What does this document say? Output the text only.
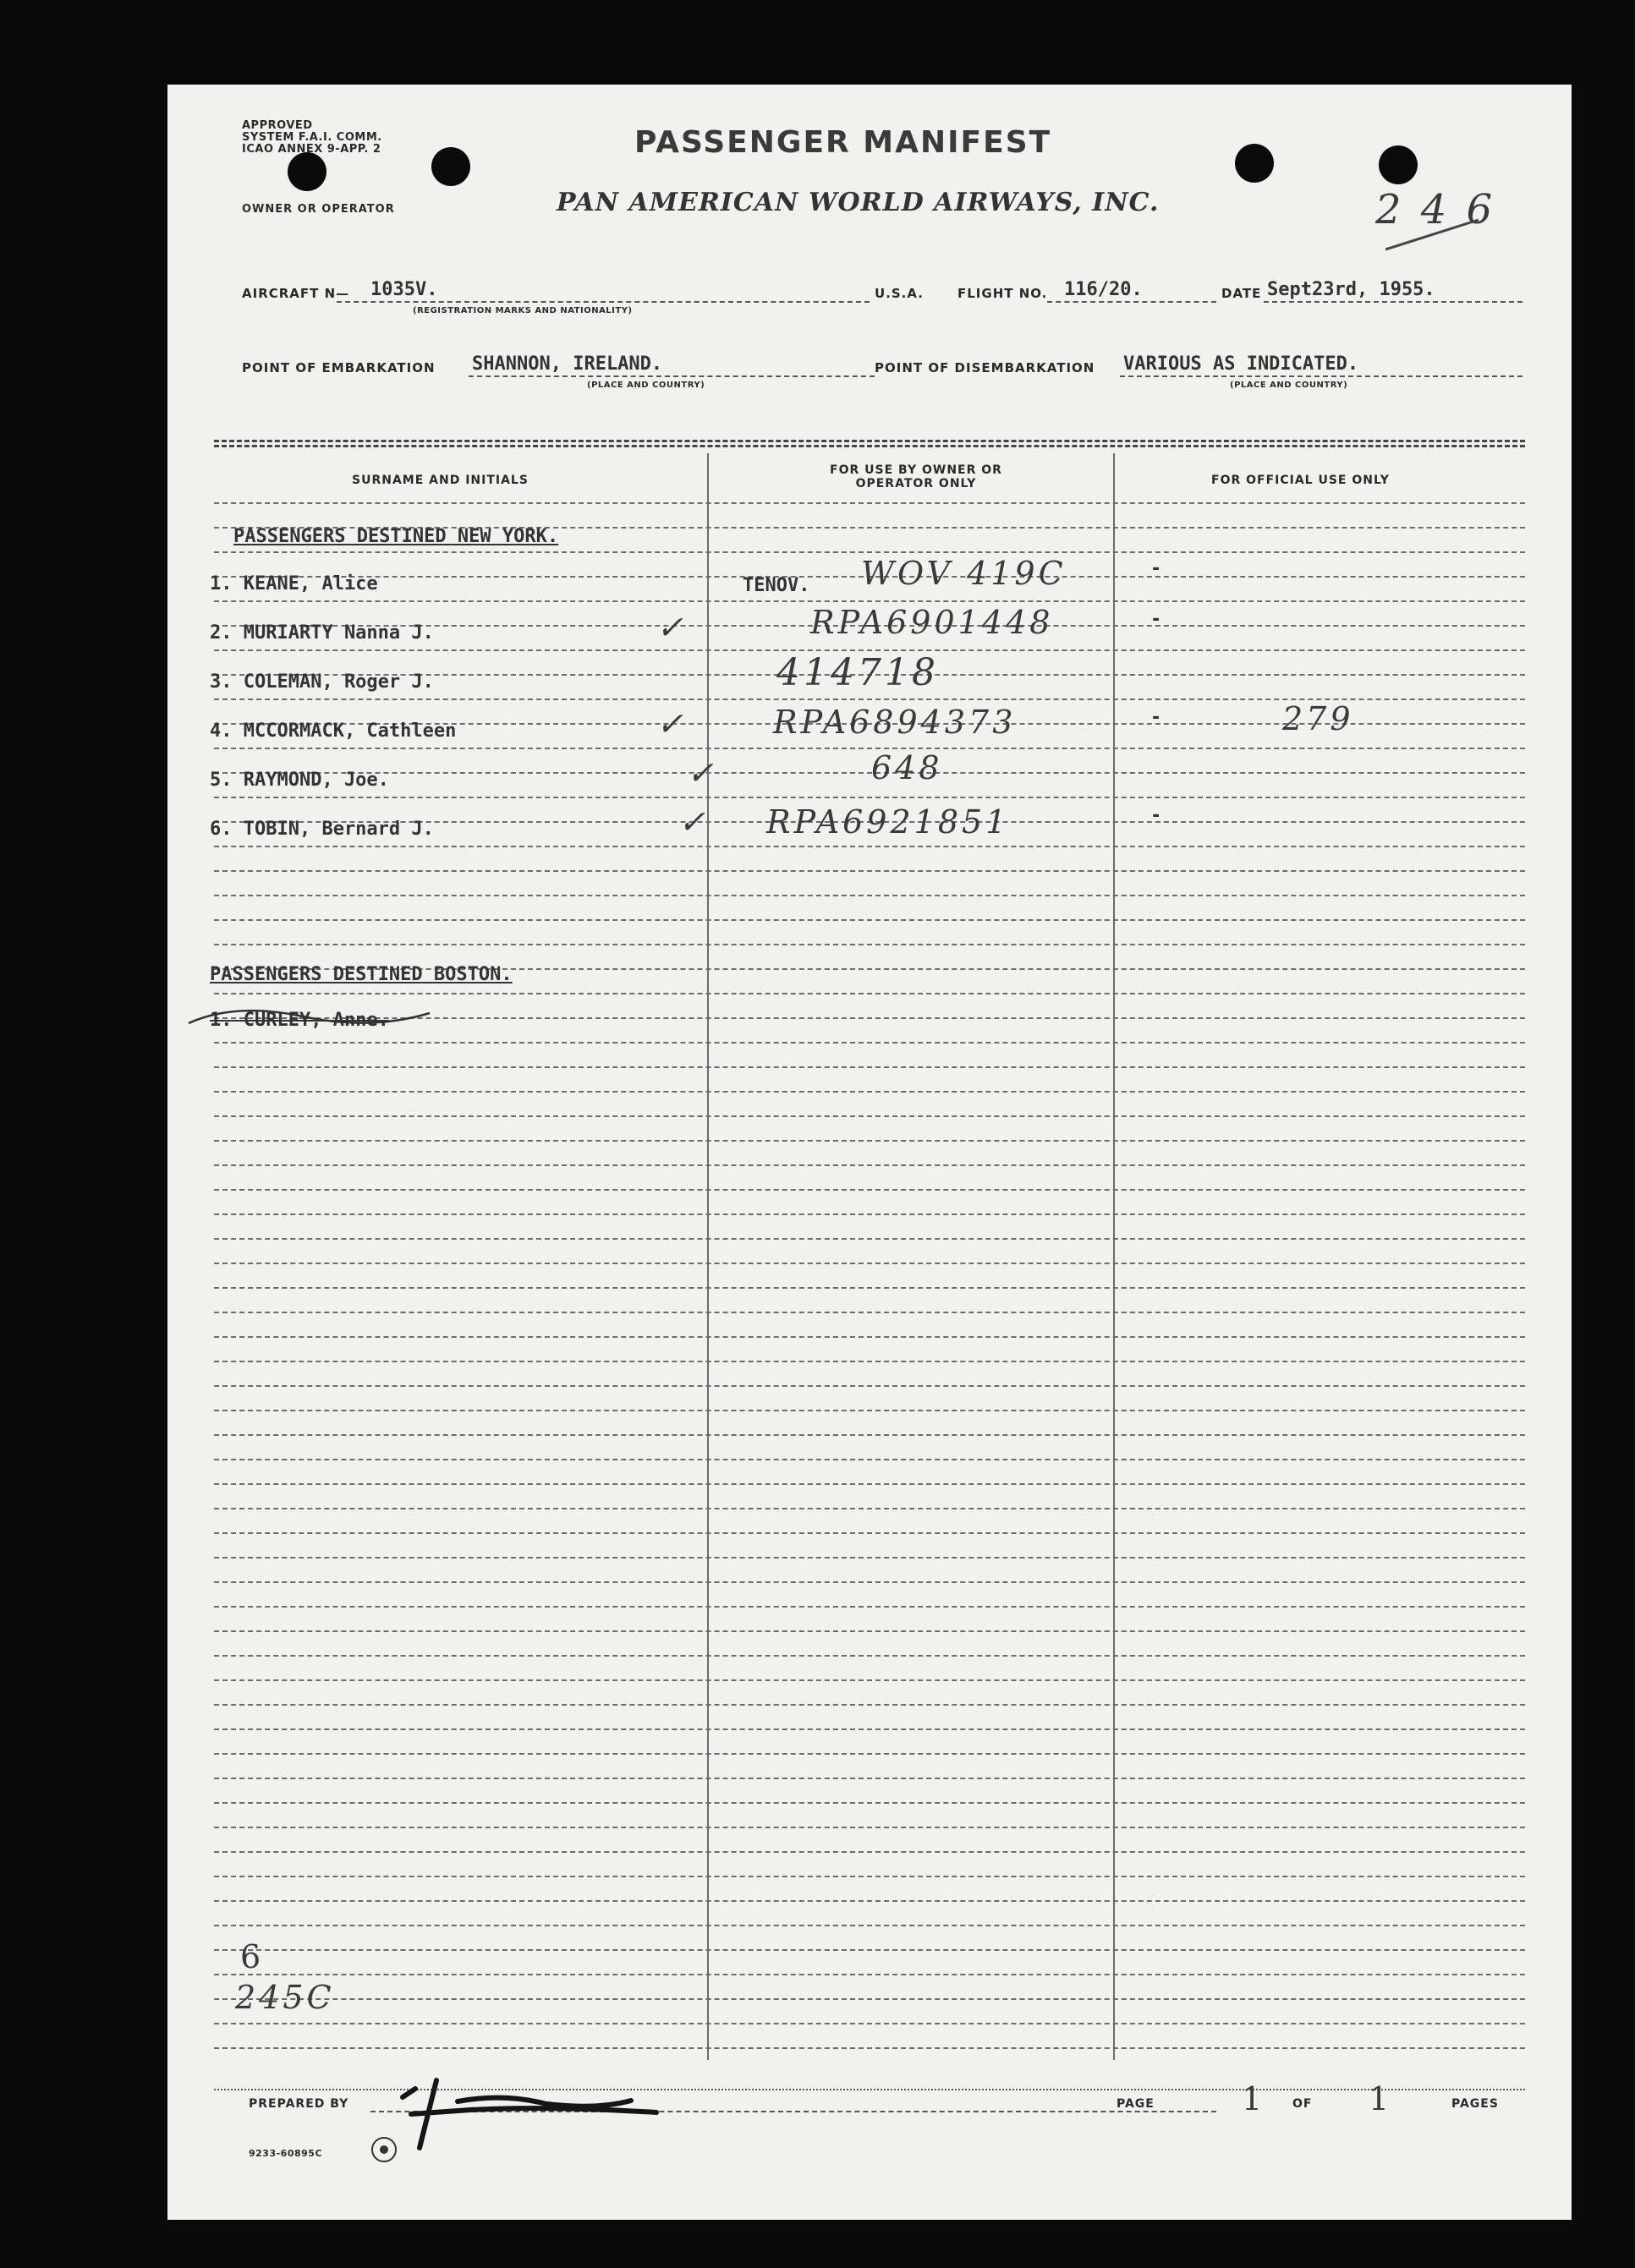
APPROVED
SYSTEM F.A.I. COMM.
ICAO ANNEX 9-APP. 2	PASSENGER MANIFEST
OWNER OR OPERATOR	PAN AMERICAN WORLD AIRWAYS, INC.	2 4 6
AIRCRAFT N— 1035V.
(REGISTRATION MARKS AND NATIONALITY)
U.S.A.	FLIGHT NO. 116/20.	DATE Sept23rd, 1955.
POINT OF EMBARKATION SHANNON, IRELAND.
(PLACE AND COUNTRY)
POINT OF DISEMBARKATION VARIOUS AS INDICATED.
(PLACE AND COUNTRY)
SURNAME AND INITIALS
FOR USE BY OWNER OR OPERATOR ONLY	FOR OFFICIAL USE ONLY
PASSENGERS DESTINED NEW YORK.
1. KEANE, Alice	TENOV. WOV 419C	-
2. MURIARTY Nanna J.	✓	RPA6901448	-
3. COLEMAN, Roger J.	414718
4. MCCORMACK, Cathleen	✓	RPA6894373	-	279
5. RAYMOND, Joe.	✓	648
6. TOBIN, Bernard J.	✓ RPA6921851	-
PASSENGERS DESTINED BOSTON.
1. CURLEY, Anne.
6
245C
PREPARED BY	PAGE	1 OF 1	PAGES
9233-60895C
